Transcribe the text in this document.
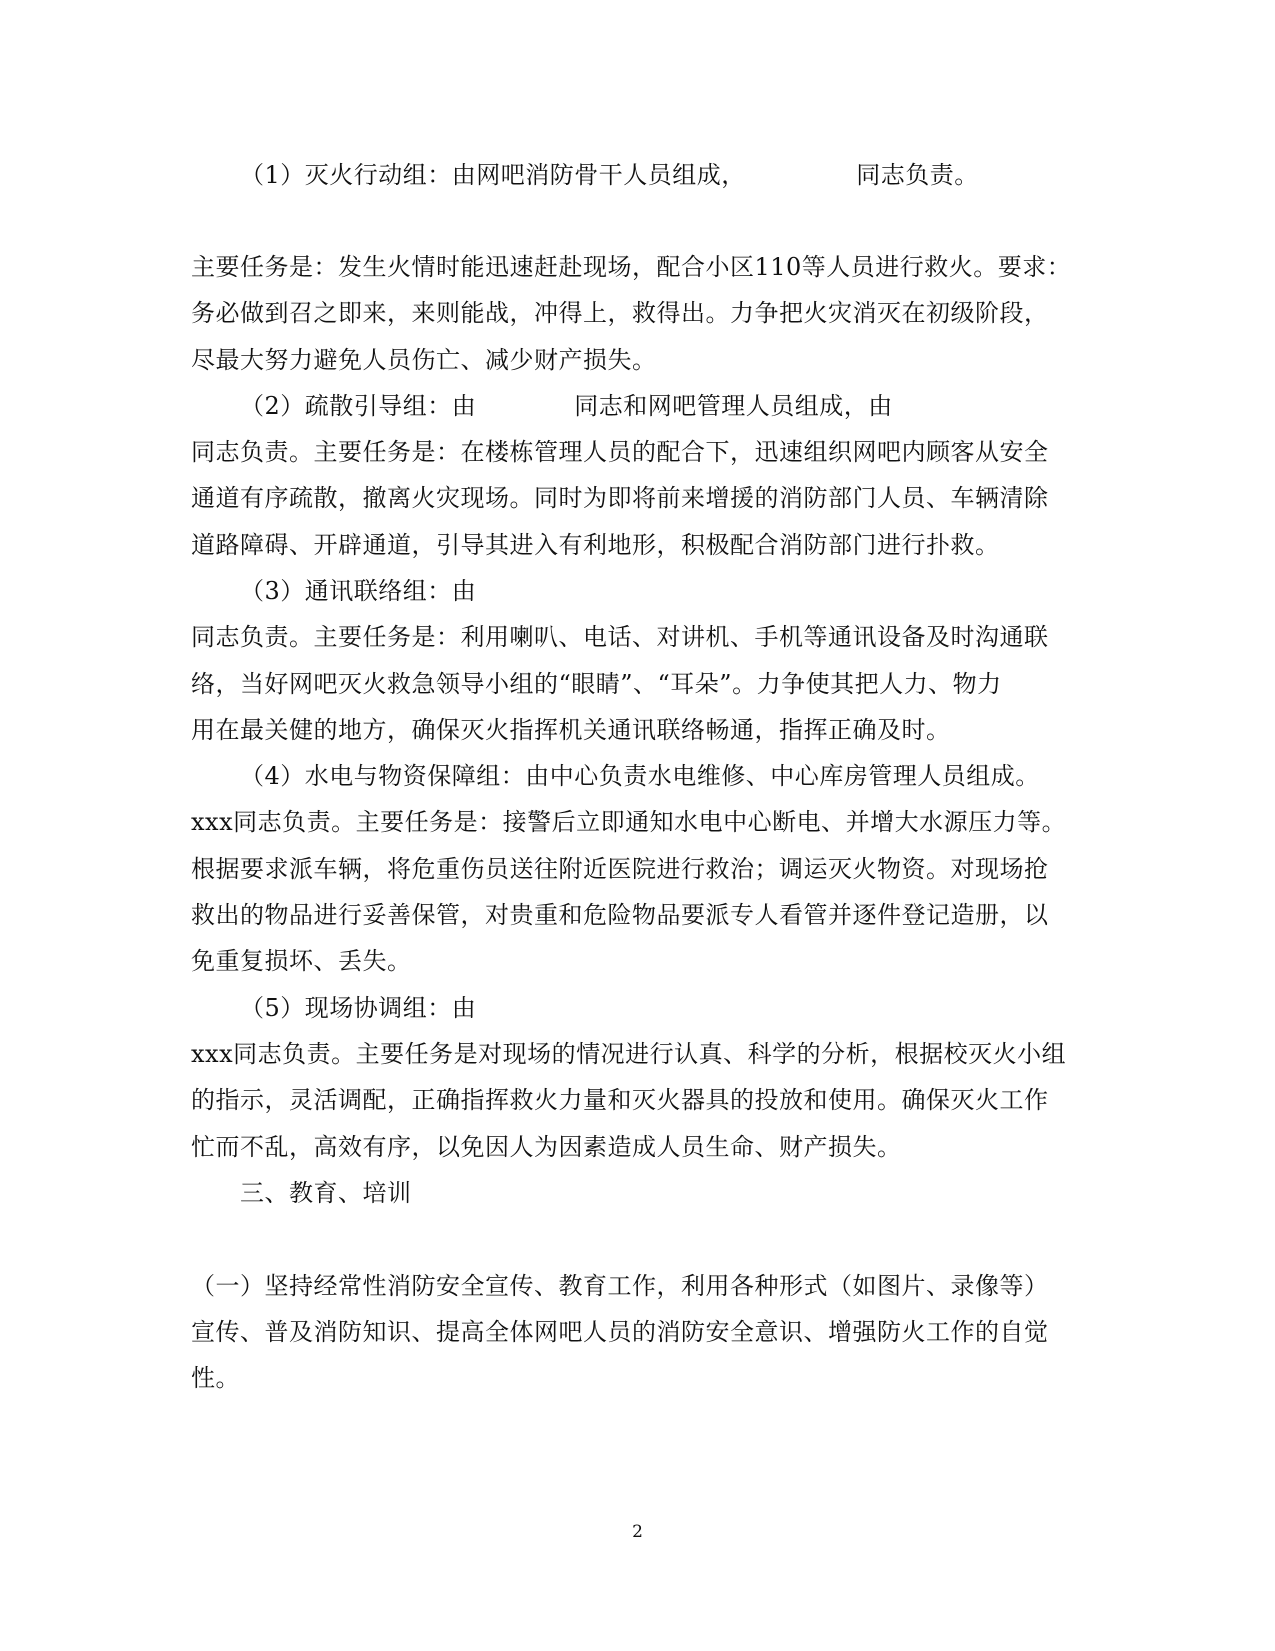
（1）灭火行动组：由网吧消防骨干人员组成，　　　　　同志负责。
主要任务是：发生火情时能迅速赶赴现场，配合小区110等人员进行救火。要求：
务必做到召之即来，来则能战，冲得上，救得出。力争把火灾消灭在初级阶段，
尽最大努力避免人员伤亡、减少财产损失。
（2）疏散引导组：由　　　　同志和网吧管理人员组成，由
同志负责。主要任务是：在楼栋管理人员的配合下，迅速组织网吧内顾客从安全
通道有序疏散，撤离火灾现场。同时为即将前来增援的消防部门人员、车辆清除
道路障碍、开辟通道，引导其进入有利地形，积极配合消防部门进行扑救。
（3）通讯联络组：由
同志负责。主要任务是：利用喇叭、电话、对讲机、手机等通讯设备及时沟通联
络，当好网吧灭火救急领导小组的“眼睛”、“耳朵”。力争使其把人力、物力
用在最关健的地方，确保灭火指挥机关通讯联络畅通，指挥正确及时。
（4）水电与物资保障组：由中心负责水电维修、中心库房管理人员组成。
xxx同志负责。主要任务是：接警后立即通知水电中心断电、并增大水源压力等。
根据要求派车辆，将危重伤员送往附近医院进行救治；调运灭火物资。对现场抢
救出的物品进行妥善保管，对贵重和危险物品要派专人看管并逐件登记造册，以
免重复损坏、丢失。
（5）现场协调组：由
xxx同志负责。主要任务是对现场的情况进行认真、科学的分析，根据校灭火小组
的指示，灵活调配，正确指挥救火力量和灭火器具的投放和使用。确保灭火工作
忙而不乱，高效有序，以免因人为因素造成人员生命、财产损失。
三、教育、培训
（一）坚持经常性消防安全宣传、教育工作，利用各种形式（如图片、录像等）
宣传、普及消防知识、提高全体网吧人员的消防安全意识、增强防火工作的自觉
性。
2
